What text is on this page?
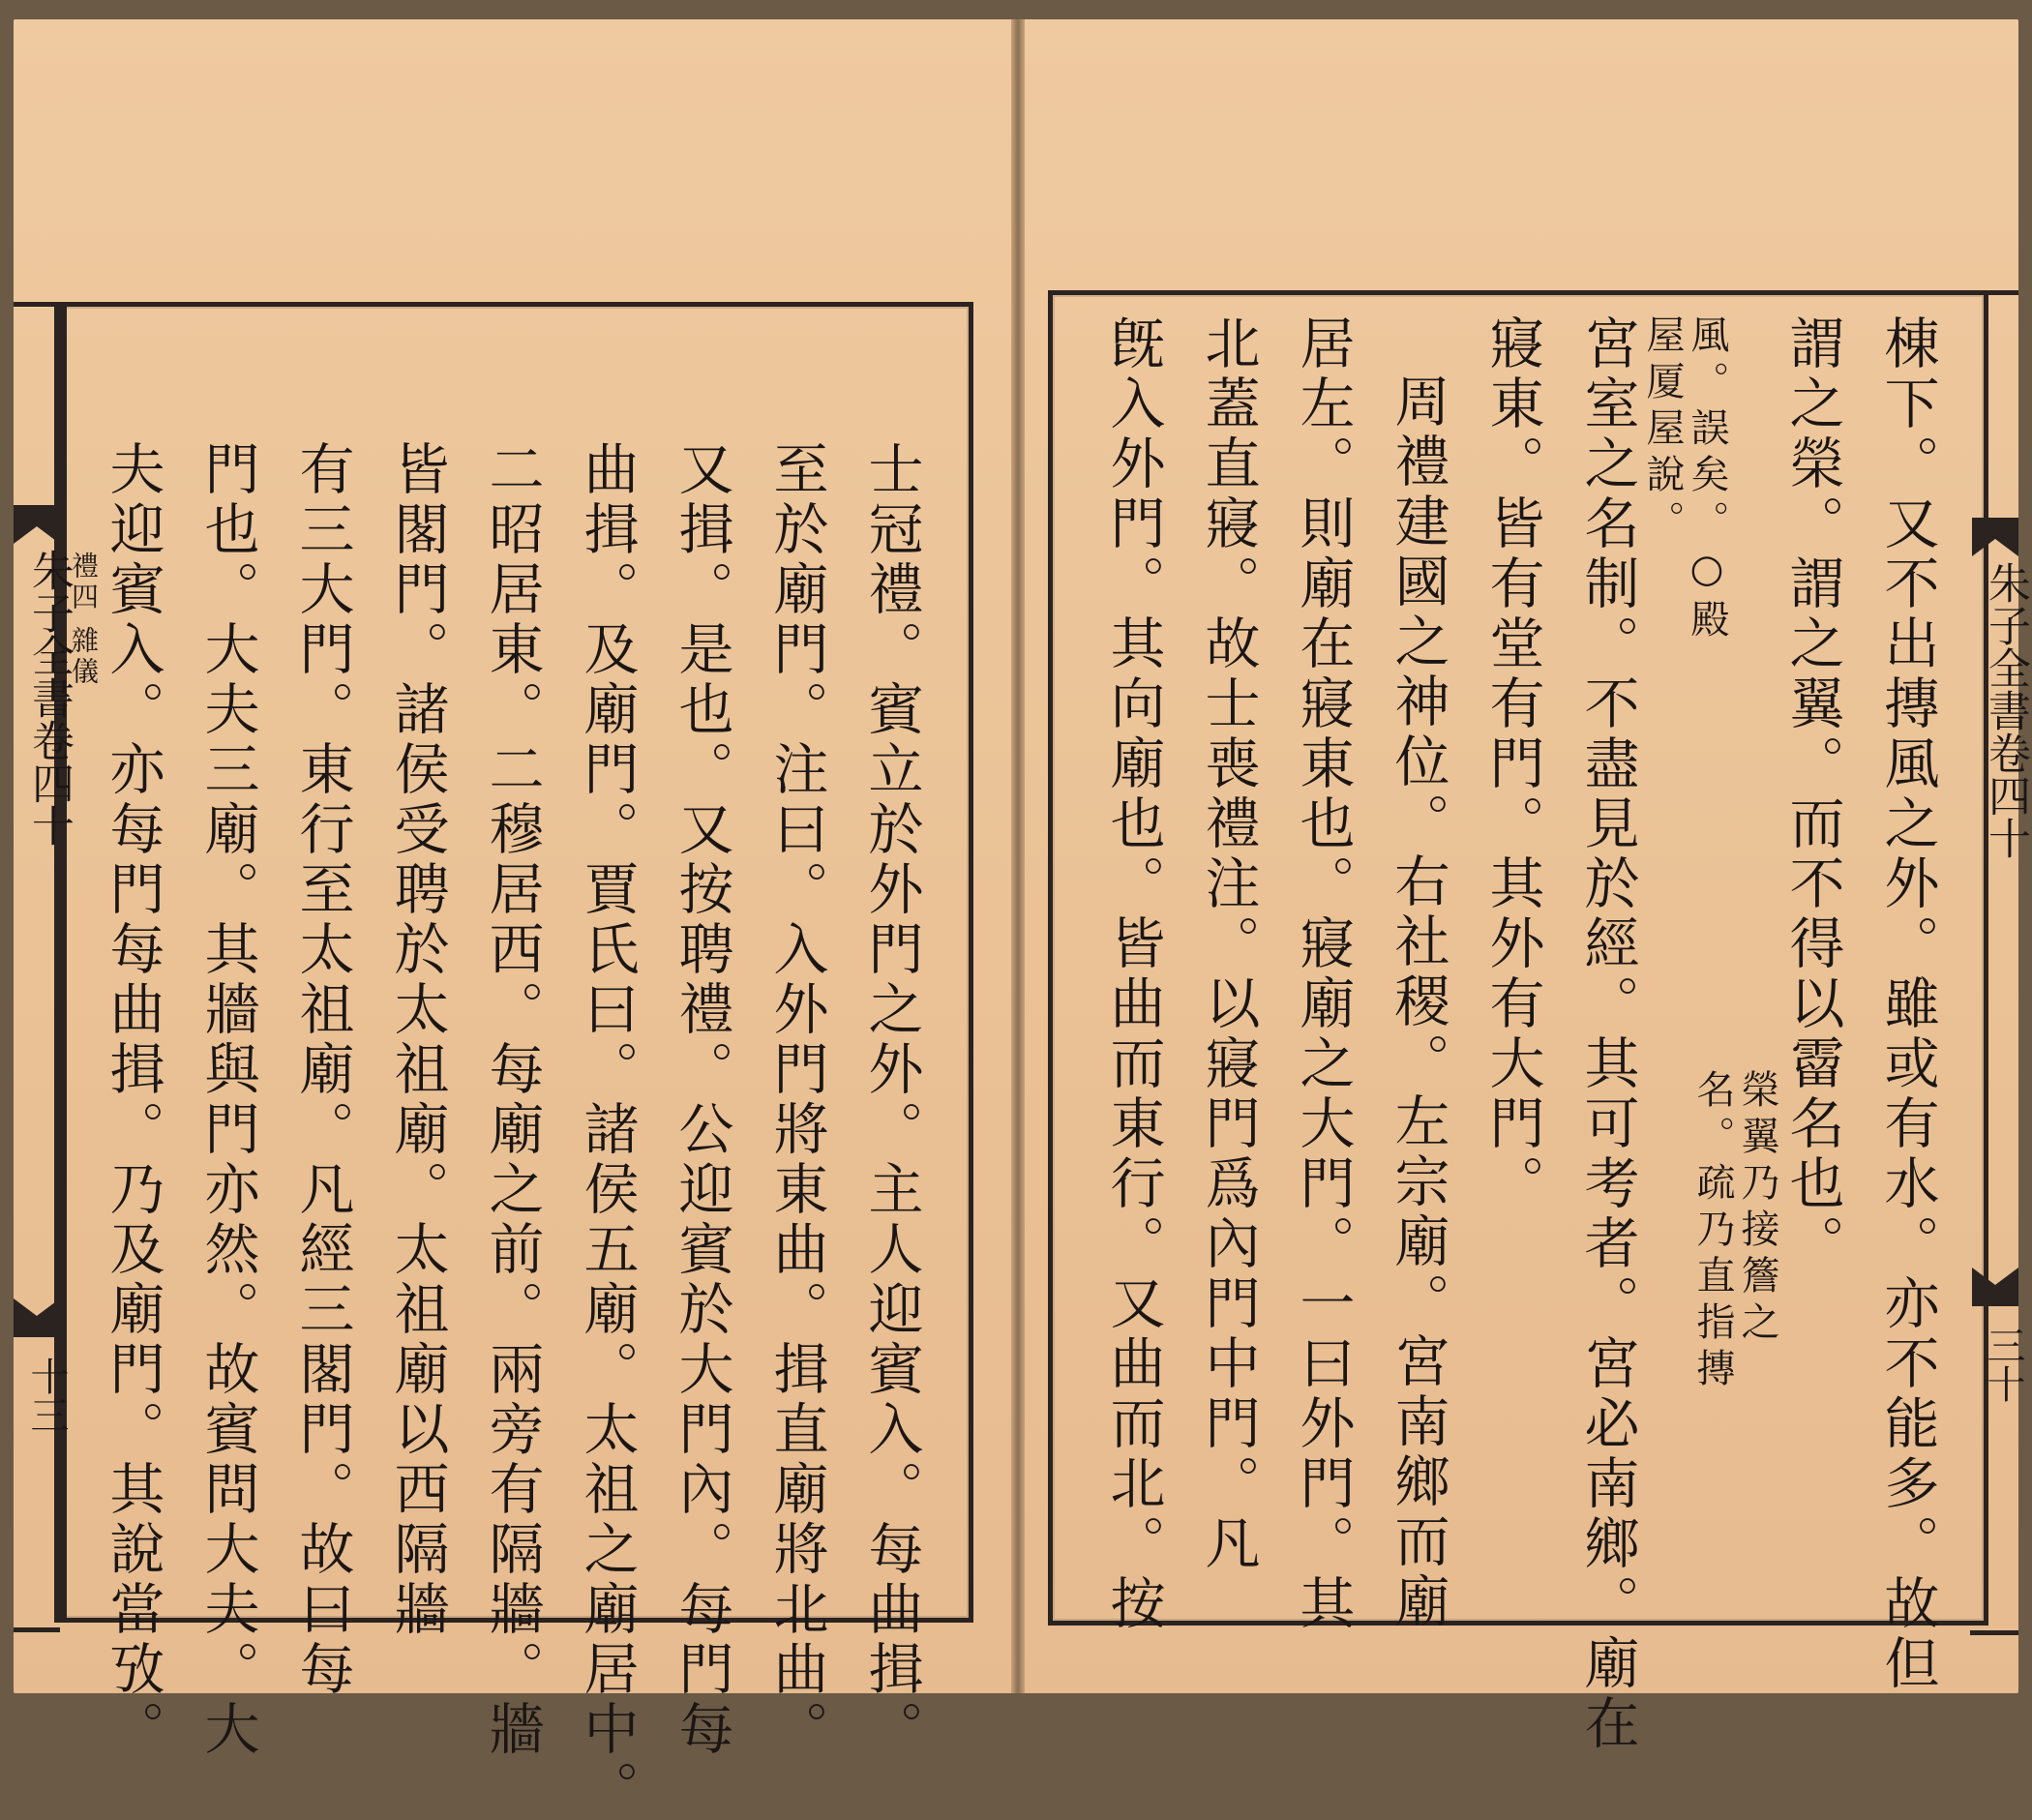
朱子全書卷四十
十三
禮四 雜儀	士冠禮。賓立於外門之外。主人迎賓入。每曲揖。
至於廟門。注曰。入外門將東曲。揖直廟將北曲。
又揖。是也。又按聘禮。公迎賓於大門內。每門每
曲揖。及廟門。賈氏曰。諸侯五廟。太祖之廟居中。
二昭居東。二穆居西。每廟之前。兩旁有隔牆。牆
皆閣門。諸侯受聘於太祖廟。太祖廟以西隔牆
有三大門。東行至太祖廟。凡經三閣門。故曰每
門也。大夫三廟。其牆與門亦然。故賓問大夫。大
夫迎賓入。亦每門每曲揖。乃及廟門。其說當攷。	朱子全書卷四十
三十
棟下。又不出摶風之外。雖或有水。亦不能多。故但
謂之榮。謂之翼。而不得以霤名也。
榮翼乃接簷之
名。疏乃直指摶
風。誤矣。○殿
屋厦屋說。
宮室之名制。不盡見於經。其可考者。宮必南鄉。廟在
寢東。皆有堂有門。其外有大門。
周禮建國之神位。右社稷。左宗廟。宮南鄉而廟
居左。則廟在寢東也。寢廟之大門。一曰外門。其
北蓋直寢。故士喪禮注。以寢門爲內門中門。凡
旣入外門。其向廟也。皆曲而東行。又曲而北。按
